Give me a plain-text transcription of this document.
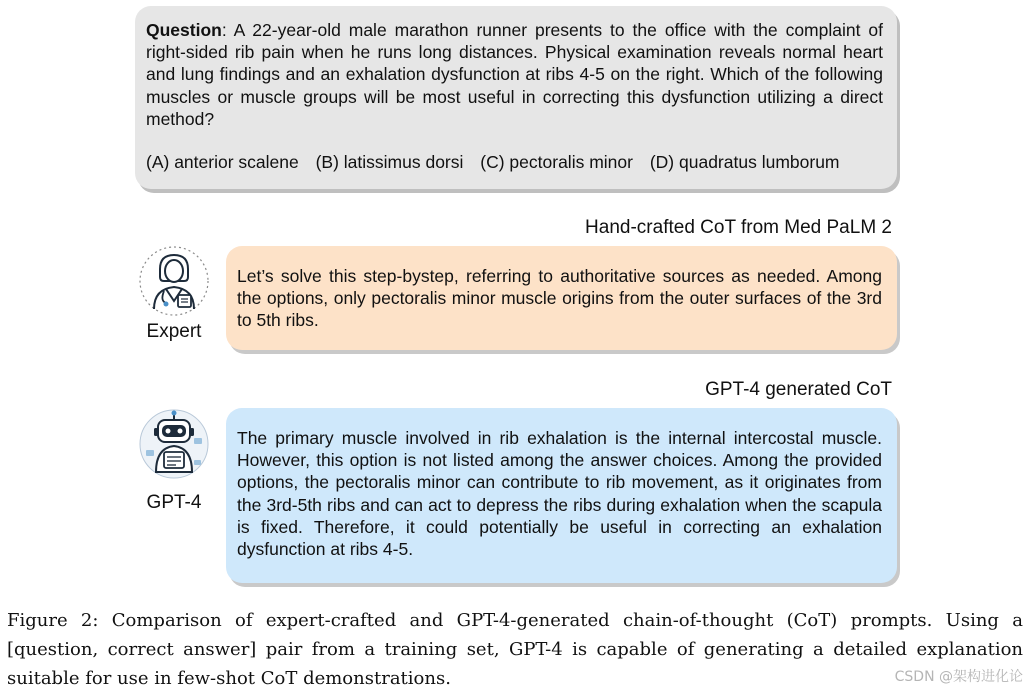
Question: A 22-year-old male marathon runner presents to the office with the complaint of right-sided rib pain when he runs long distances. Physical examination reveals normal heart and lung findings and an exhalation dysfunction at ribs 4-5 on the right. Which of the following muscles or muscle groups will be most useful in correcting this dysfunction utilizing a direct method?

(A) anterior scalene (B) latissimus dorsi (C) pectoralis minor (D) quadratus lumborum
Hand-crafted CoT from Med PaLM 2
Expert

Let’s solve this step-bystep, referring to authoritative sources as needed. Among the options, only pectoralis minor muscle origins from the outer surfaces of the 3rd to 5th ribs.

GPT-4 generated CoT
GPT-4

The primary muscle involved in rib exhalation is the internal intercostal muscle. However, this option is not listed among the answer choices. Among the provided options, the pectoralis minor can contribute to rib movement, as it originates from the 3rd-5th ribs and can act to depress the ribs during exhalation when the scapula is fixed. Therefore, it could potentially be useful in correcting an exhalation dysfunction at ribs 4-5.

Figure 2: Comparison of expert-crafted and GPT-4-generated chain-of-thought (CoT) prompts. Using a [question, correct answer] pair from a training set, GPT-4 is capable of generating a detailed explanation suitable for use in few-shot CoT demonstrations.	CSDN @架构进化论
